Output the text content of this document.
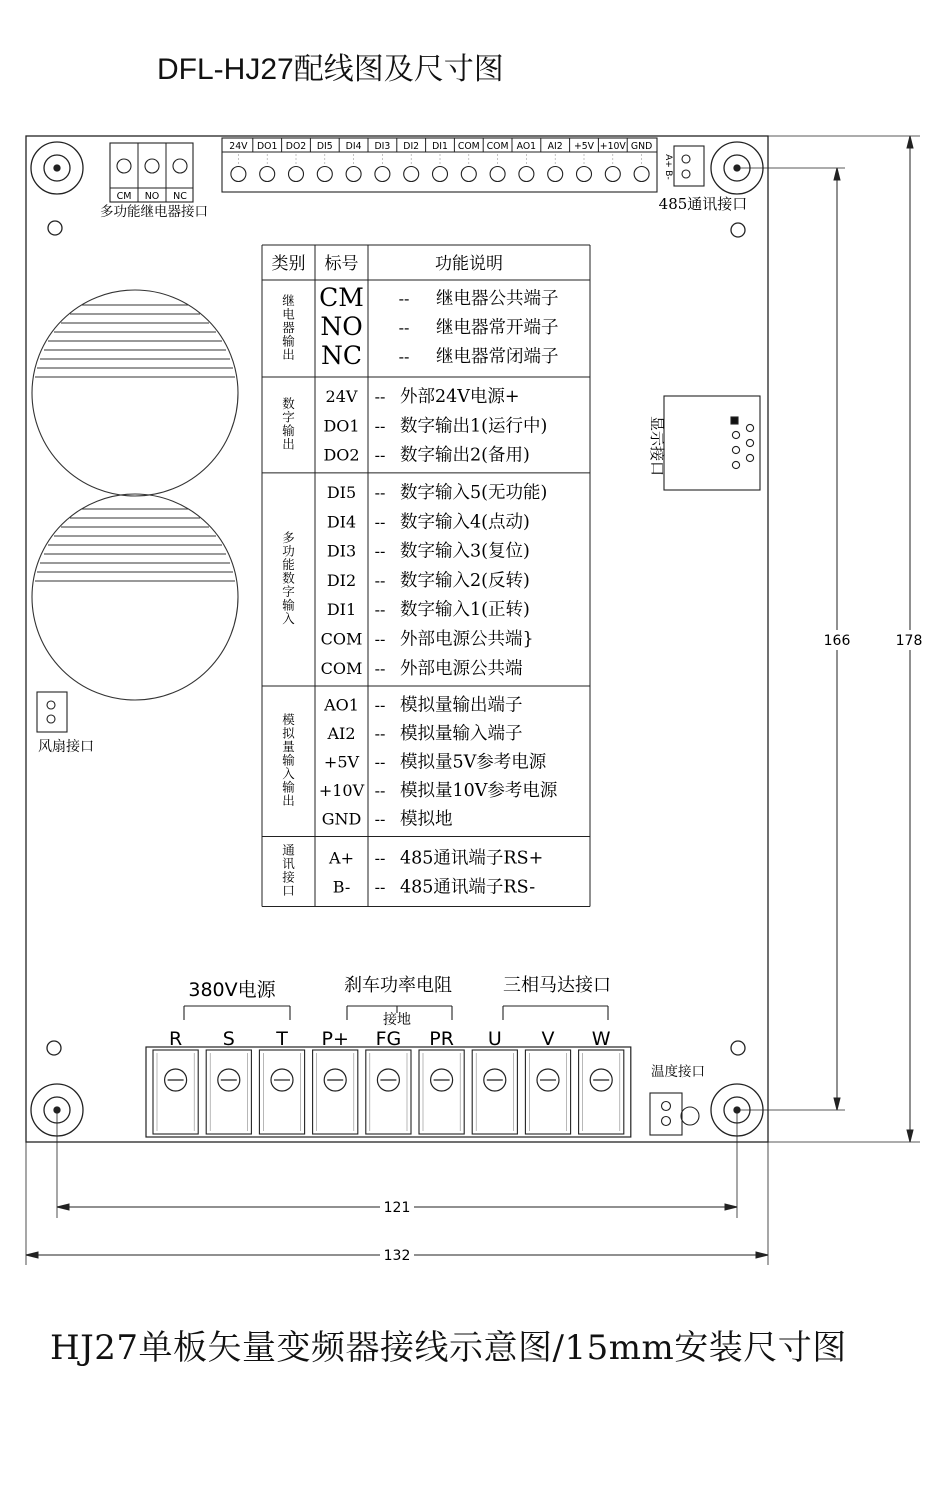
DFL-HJ27配线图及尺寸图
CM NO NC
多功能继电器接口
24V DO1 DO2 DI5 DI4 DI3 DI2 DI1 COM COM AO1 AI2 +5V +10V GND
A+
B-
485通讯接口
显示接口
风扇接口
温度接口
类别 标号	功能说明
继电器输出
CM -- 继电器公共端子
NO -- 继电器常开端子
NC -- 继电器常闭端子
数字输出
24V -- 外部24V电源+
DO1 -- 数字输出1(运行中)
DO2 -- 数字输出2(备用)
多功能数字输入
DI5 -- 数字输入5(无功能)
DI4 -- 数字输入4(点动)
DI3 -- 数字输入3(复位)
DI2 -- 数字输入2(反转)
DI1 -- 数字输入1(正转)
COM -- 外部电源公共端}
COM -- 外部电源公共端
模拟量输入输出
AO1 -- 模拟量输出端子
AI2 -- 模拟量输入端子
+5V -- 模拟量5V参考电源
+10V -- 模拟量10V参考电源
GND -- 模拟地
通讯接口
A+ -- 485通讯端子RS+
B- -- 485通讯端子RS-
R S T P+ FG PR U V W
380V电源	刹车功率电阻
接地
三相马达接口
166	178
121
132
HJ27单板矢量变频器接线示意图/15mm安装尺寸图
